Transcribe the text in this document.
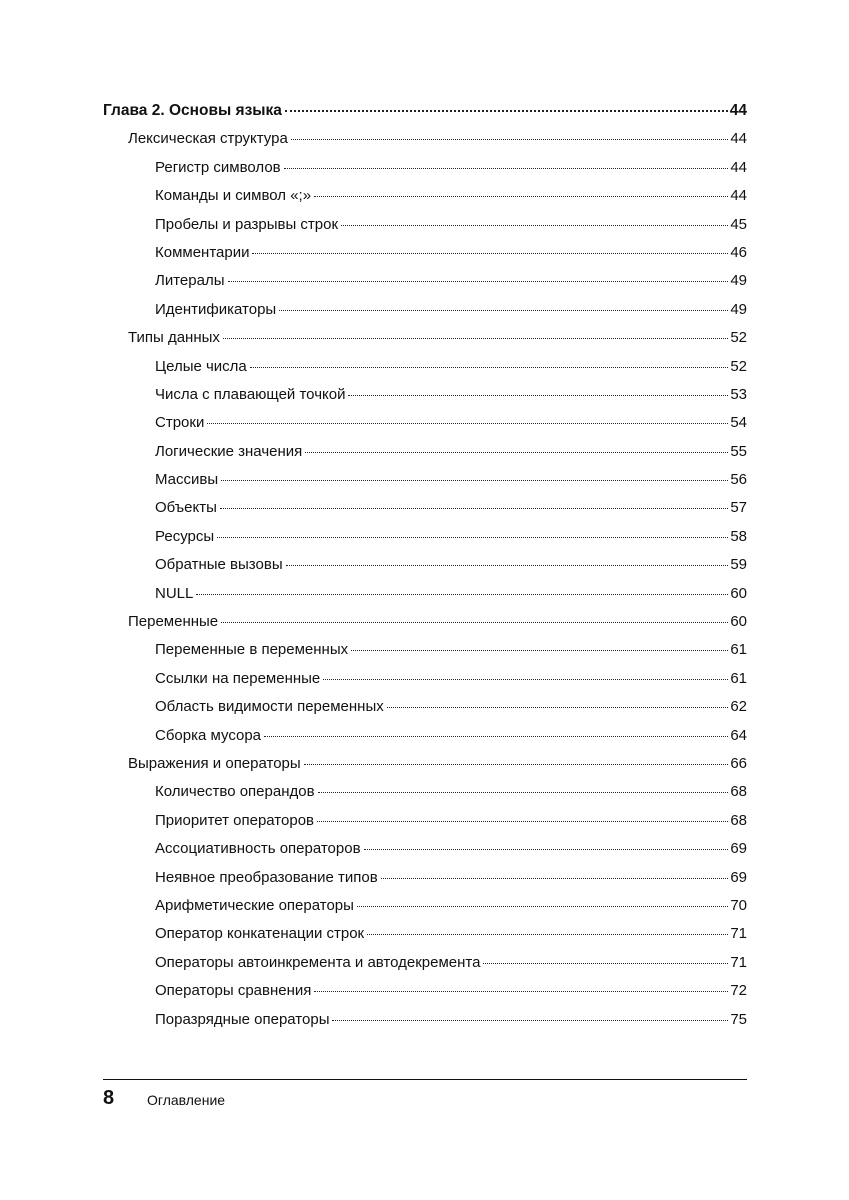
Глава 2. Основы языка	44
Лексическая структура	44
Регистр символов	44
Команды и символ «;»	44
Пробелы и разрывы строк	45
Комментарии	46
Литералы	49
Идентификаторы	49
Типы данных	52
Целые числа	52
Числа с плавающей точкой	53
Строки	54
Логические значения	55
Массивы	56
Объекты	57
Ресурсы	58
Обратные вызовы	59
NULL	60
Переменные	60
Переменные в переменных	61
Ссылки на переменные	61
Область видимости переменных	62
Сборка мусора	64
Выражения и операторы	66
Количество операндов	68
Приоритет операторов	68
Ассоциативность операторов	69
Неявное преобразование типов	69
Арифметические операторы	70
Оператор конкатенации строк	71
Операторы автоинкремента и автодекремента	71
Операторы сравнения	72
Поразрядные операторы	75
8 Оглавление
